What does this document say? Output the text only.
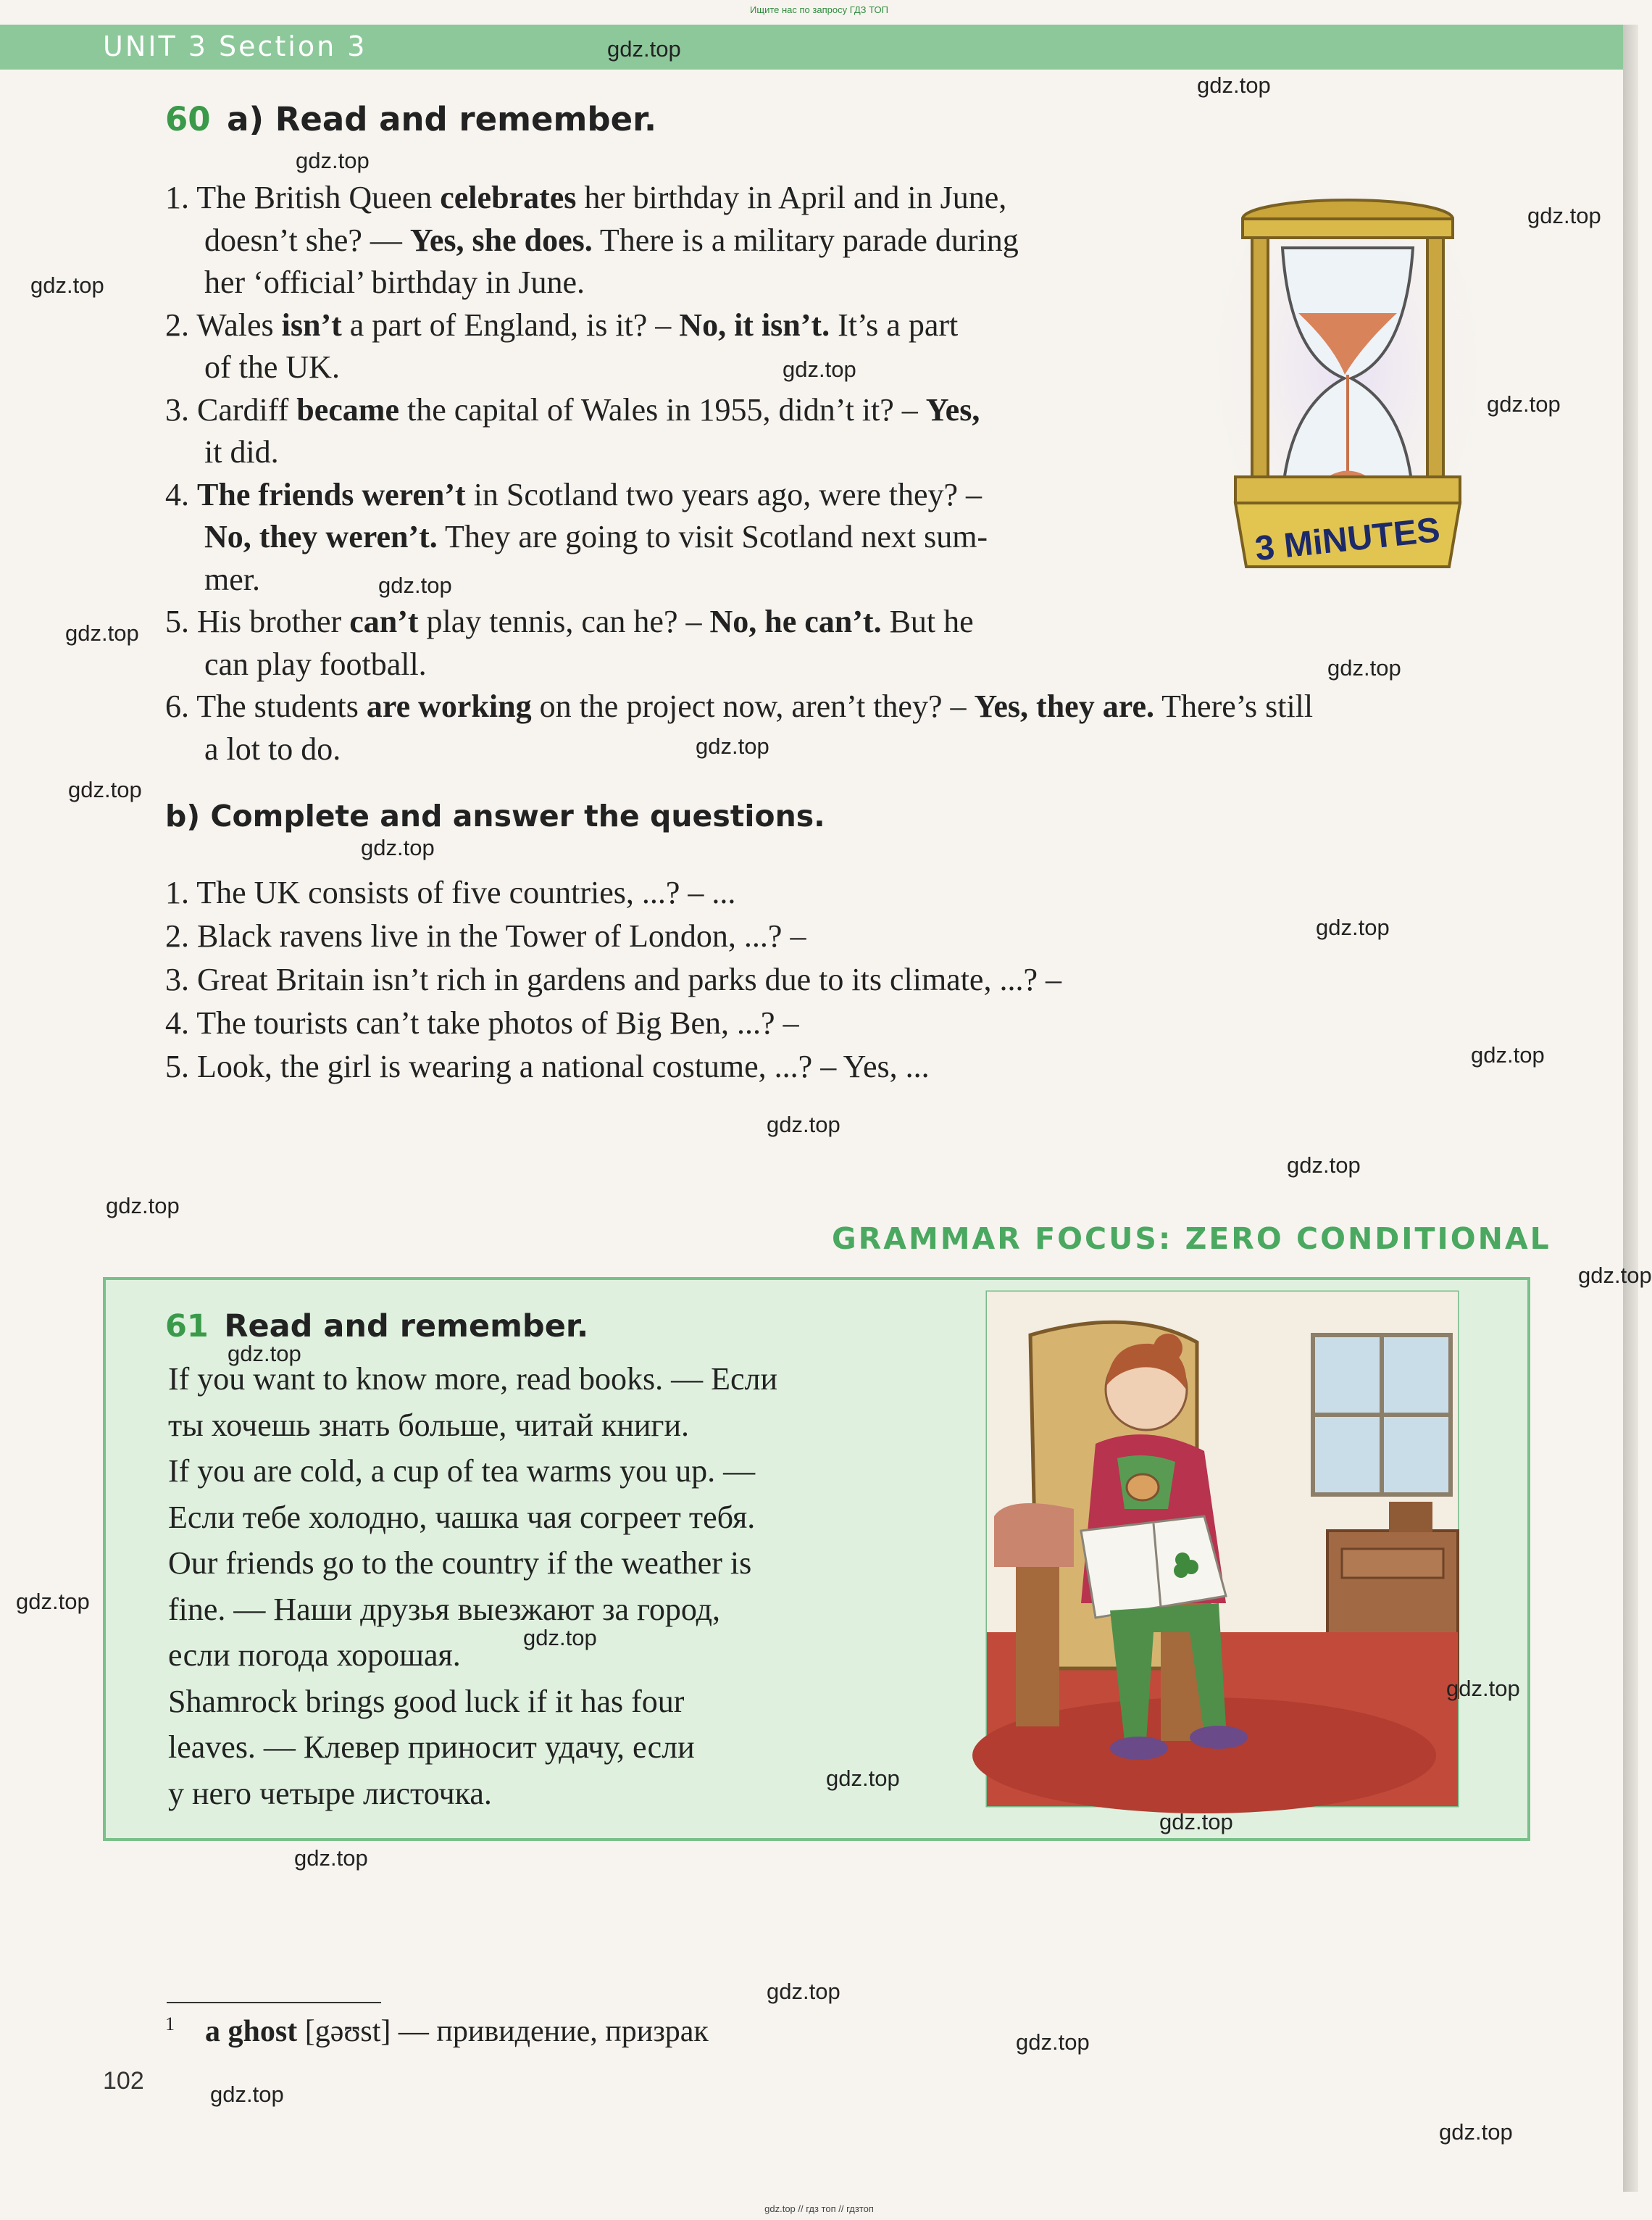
Ищите нас по запросу ГДЗ ТОП
UNIT 3 Section 3
60 a) Read and remember.
1. The British Queen celebrates her birthday in April and in June,
doesn’t she? — Yes, she does. There is a military parade during
her ‘official’ birthday in June.
2. Wales isn’t a part of England, is it? – No, it isn’t. It’s a part
of the UK.
3. Cardiff became the capital of Wales in 1955, didn’t it? – Yes,
it did.
4. The friends weren’t in Scotland two years ago, were they? –
No, they weren’t. They are going to visit Scotland next sum-
mer.
5. His brother can’t play tennis, can he? – No, he can’t. But he
can play football.
6. The students are working on the project now, aren’t they? – Yes, they are. There’s still
a lot to do.
b) Complete and answer the questions.
1. The UK consists of five countries, ...? – ...
2. Black ravens live in the Tower of London, ...? –
3. Great Britain isn’t rich in gardens and parks due to its climate, ...? –
4. The tourists can’t take photos of Big Ben, ...? –
5. Look, the girl is wearing a national costume, ...? – Yes, ...
3 MiNUTES
GRAMMAR FOCUS: ZERO CONDITIONAL
61 Read and remember.
If you want to know more, read books. — Если
ты хочешь знать больше, читай книги.
If you are cold, a cup of tea warms you up. —
Если тебе холодно, чашка чая согреет тебя.
Our friends go to the country if the weather is
fine. — Наши друзья выезжают за город,
если погода хорошая.
Shamrock brings good luck if it has four
leaves. — Клевер приносит удачу, если
у него четыре листочка.
$^1$ a ghost [gəʊst] — привидение, призрак
102
gdz.top
gdz.top
gdz.top
gdz.top
gdz.top
gdz.top
gdz.top
gdz.top
gdz.top
gdz.top
gdz.top
gdz.top
gdz.top
gdz.top
gdz.top
gdz.top
gdz.top
gdz.top
gdz.top
gdz.top
gdz.top
gdz.top
gdz.top
gdz.top
gdz.top
gdz.top
gdz.top
gdz.top
gdz.top
gdz.top
gdz.top // гдз топ // гдзтоп
